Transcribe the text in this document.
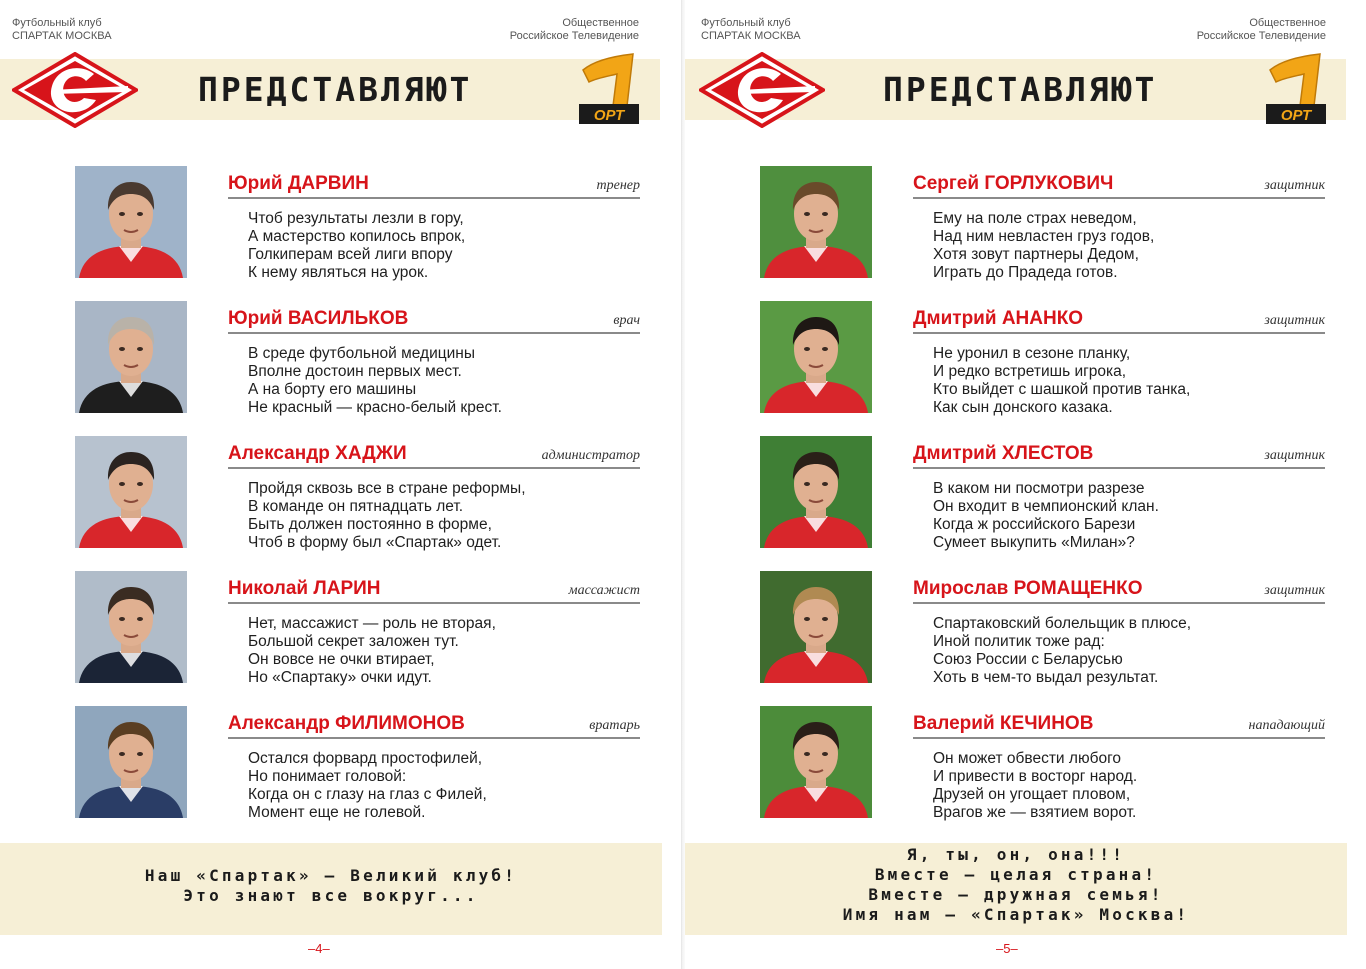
Футбольный клуб
СПАРТАК МОСКВА
Общественное
Российское Телевидение
ПРЕДСТАВЛЯЮТ
ОРТ
Юрий ДАРВИН	тренер
Чтоб результаты лезли в гору,
А мастерство копилось впрок,
Голкиперам всей лиги впору
К нему являться на урок.
Юрий ВАСИЛЬКОВ	врач
В среде футбольной медицины
Вполне достоин первых мест.
А на борту его машины
Не красный — красно-белый крест.
Александр ХАДЖИ	администратор
Пройдя сквозь все в стране реформы,
В команде он пятнадцать лет.
Быть должен постоянно в форме,
Чтоб в форму был «Спартак» одет.
Николай ЛАРИН	массажист
Нет, массажист — роль не вторая,
Большой секрет заложен тут.
Он вовсе не очки втирает,
Но «Спартаку» очки идут.
Александр ФИЛИМОНОВ	вратарь
Остался форвард простофилей,
Но понимает головой:
Когда он с глазу на глаз с Филей,
Момент еще не голевой.
Наш «Спартак» — Великий клуб!
Это знают все вокруг...
–4–
Футбольный клуб
СПАРТАК МОСКВА
Общественное
Российское Телевидение
ПРЕДСТАВЛЯЮТ
ОРТ
Сергей ГОРЛУКОВИЧ	защитник
Ему на поле страх неведом,
Над ним невластен груз годов,
Хотя зовут партнеры Дедом,
Играть до Прадеда готов.
Дмитрий АНАНКО	защитник
Не уронил в сезоне планку,
И редко встретишь игрока,
Кто выйдет с шашкой против танка,
Как сын донского казака.
Дмитрий ХЛЕСТОВ	защитник
В каком ни посмотри разрезе
Он входит в чемпионский клан.
Когда ж российского Барези
Сумеет выкупить «Милан»?
Мирослав РОМАЩЕНКО	защитник
Спартаковский болельщик в плюсе,
Иной политик тоже рад:
Союз России с Беларусью
Хоть в чем-то выдал результат.
Валерий КЕЧИНОВ	нападающий
Он может обвести любого
И привести в восторг народ.
Друзей он угощает пловом,
Врагов же — взятием ворот.
Я, ты, он, она!!!
Вместе — целая страна!
Вместе — дружная семья!
Имя нам — «Спартак» Москва!
–5–
